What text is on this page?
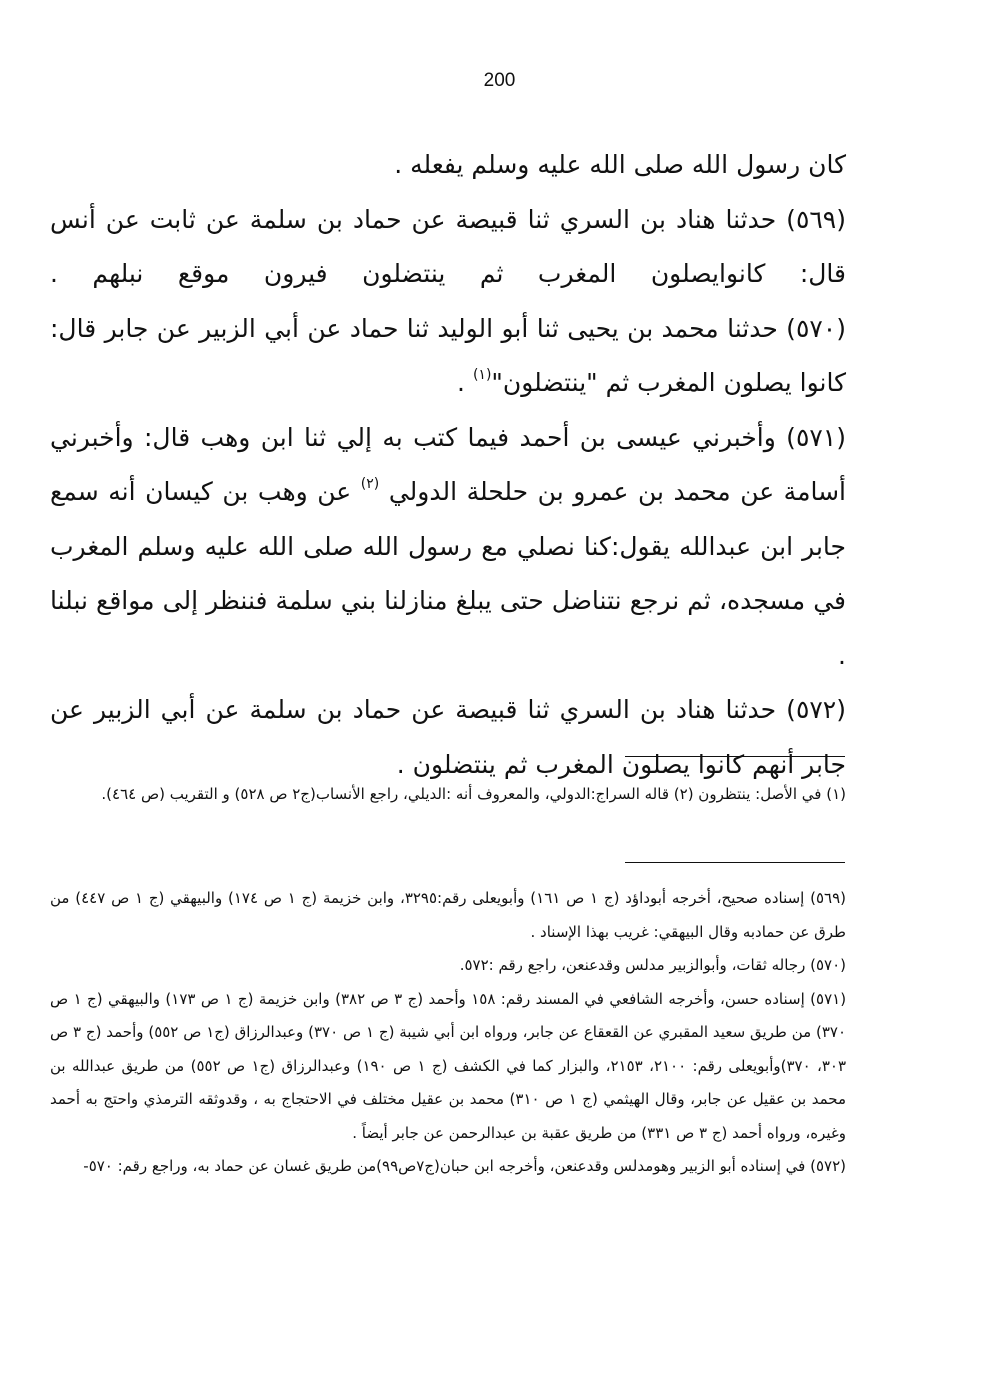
200

كان رسول الله صلى الله عليه وسلم يفعله .

(٥٦٩) حدثنا هناد بن السري ثنا قبيصة عن حماد بن سلمة عن ثابت عن أنس قال: كانوايصلون المغرب ثم ينتضلون فيرون موقع نبلهم .

(٥٧٠) حدثنا محمد بن يحيى ثنا أبو الوليد ثنا حماد عن أبي الزبير عن جابر قال: كانوا يصلون المغرب ثم "ينتضلون"$^{(١)}$ .

(٥٧١) وأخبرني عيسى بن أحمد فيما كتب به إلي ثنا ابن وهب قال: وأخبرني أسامة عن محمد بن عمرو بن حلحلة الدولي $^{(٢)}$ عن وهب بن كيسان أنه سمع جابر ابن عبدالله يقول:كنا نصلي مع رسول الله صلى الله عليه وسلم المغرب في مسجده، ثم نرجع نتناضل حتى يبلغ منازلنا بني سلمة فننظر إلى مواقع نبلنا .

(٥٧٢) حدثنا هناد بن السري ثنا قبيصة عن حماد بن سلمة عن أبي الزبير عن جابر أنهم كانوا يصلون المغرب ثم ينتضلون .

(١) في الأصل: ينتظرون (٢) قاله السراج:الدولي، والمعروف أنه :الديلي، راجع الأنساب(ج٢ ص ٥٢٨) و التقريب (ص ٤٦٤).

(٥٦٩) إسناده صحيح، أخرجه أبوداؤد (ج ١ ص ١٦١) وأبويعلى رقم:٣٢٩٥، وابن خزيمة (ج ١ ص ١٧٤) والبيهقي (ج ١ ص ٤٤٧) من طرق عن حمادبه وقال البيهقي: غريب بهذا الإسناد .

(٥٧٠) رجاله ثقات، وأبوالزبير مدلس وقدعنعن، راجع رقم :٥٧٢.

(٥٧١) إسناده حسن، وأخرجه الشافعي في المسند رقم: ١٥٨ وأحمد (ج ٣ ص ٣٨٢) وابن خزيمة (ج ١ ص ١٧٣) والبيهقي (ج ١ ص ٣٧٠) من طريق سعيد المقبري عن القعقاع عن جابر، ورواه ابن أبي شيبة (ج ١ ص ٣٧٠) وعبدالرزاق (ج١ ص ٥٥٢) وأحمد (ج ٣ ص ٣٠٣، ٣٧٠)وأبويعلى رقم: ٢١٠٠، ٢١٥٣، والبزار كما في الكشف (ج ١ ص ١٩٠) وعبدالرزاق (ج١ ص ٥٥٢) من طريق عبدالله بن محمد بن عقيل عن جابر، وقال الهيثمي (ج ١ ص ٣١٠) محمد بن عقيل مختلف في الاحتجاج به ، وقدوثقه الترمذي واحتج به أحمد وغيره، ورواه أحمد (ج ٣ ص ٣٣١) من طريق عقبة بن عبدالرحمن عن جابر أيضاً .

(٥٧٢) في إسناده أبو الزبير وهومدلس وقدعنعن، وأخرجه ابن حبان(ج٧ص٩٩)من طريق غسان عن حماد به، وراجع رقم: ٥٧٠-
